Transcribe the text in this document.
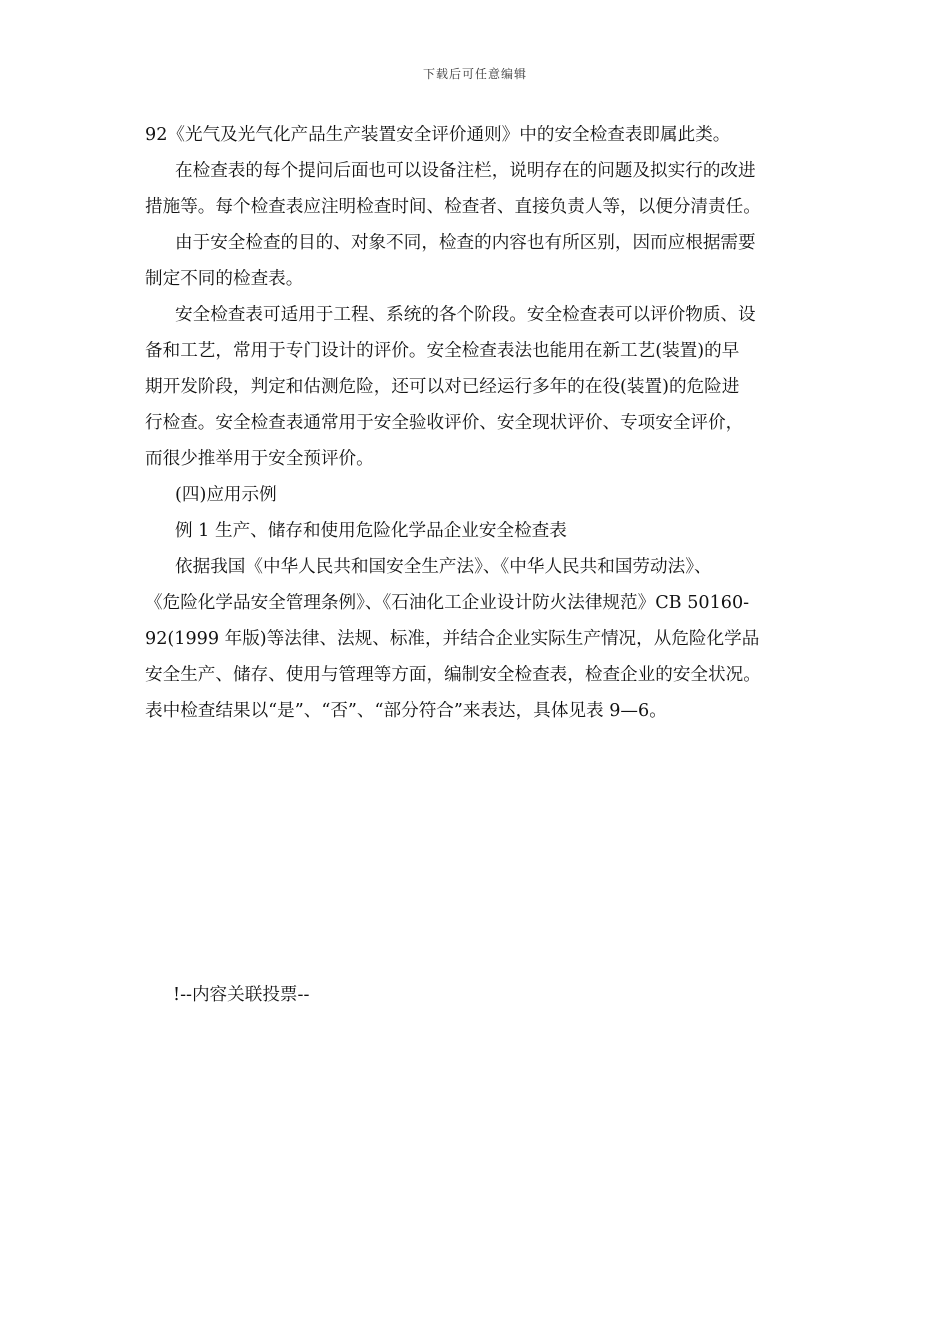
下载后可任意编辑
92《光气及光气化产品生产装置安全评价通则》中的安全检查表即属此类。
在检查表的每个提问后面也可以设备注栏，说明存在的问题及拟实行的改进
措施等。每个检查表应注明检查时间、检查者、直接负责人等，以便分清责任。
由于安全检查的目的、对象不同，检查的内容也有所区别，因而应根据需要
制定不同的检查表。
安全检查表可适用于工程、系统的各个阶段。安全检查表可以评价物质、设
备和工艺，常用于专门设计的评价。安全检查表法也能用在新工艺(装置)的早
期开发阶段，判定和估测危险，还可以对已经运行多年的在役(装置)的危险进
行检查。安全检查表通常用于安全验收评价、安全现状评价、专项安全评价，
而很少推举用于安全预评价。
(四)应用示例
例 1 生产、储存和使用危险化学品企业安全检查表
依据我国《中华人民共和国安全生产法》、《中华人民共和国劳动法》、
《危险化学品安全管理条例》、《石油化工企业设计防火法律规范》CB 50160-
92(1999 年版)等法律、法规、标准，并结合企业实际生产情况，从危险化学品
安全生产、储存、使用与管理等方面，编制安全检查表，检查企业的安全状况。
表中检查结果以“是”、“否”、“部分符合”来表达，具体见表 9—6。
!--内容关联投票--
